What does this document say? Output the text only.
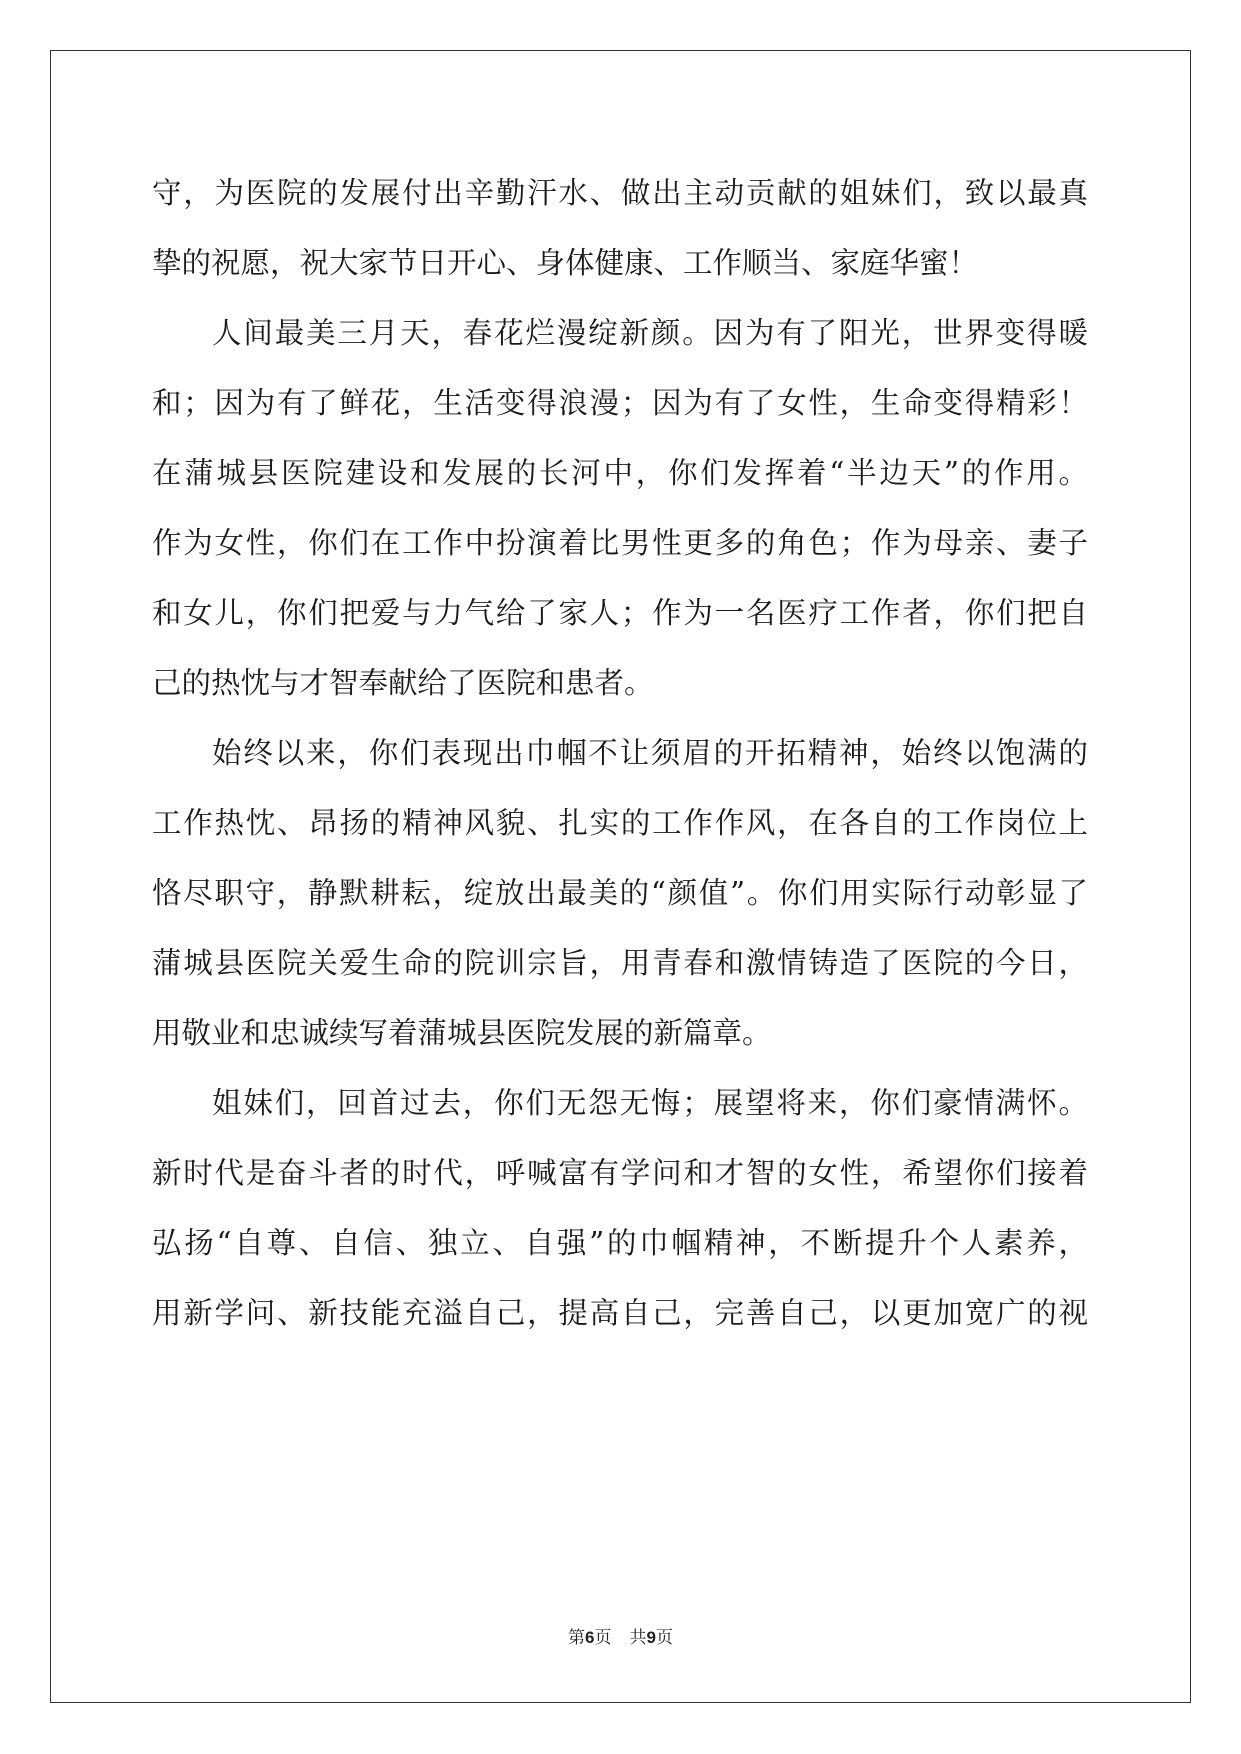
守，为医院的发展付出辛勤汗水、做出主动贡献的姐妹们，致以最真
挚的祝愿，祝大家节日开心、身体健康、工作顺当、家庭华蜜！
人间最美三月天，春花烂漫绽新颜。因为有了阳光，世界变得暖
和；因为有了鲜花，生活变得浪漫；因为有了女性，生命变得精彩！
在蒲城县医院建设和发展的长河中，你们发挥着“半边天”的作用。
作为女性，你们在工作中扮演着比男性更多的角色；作为母亲、妻子
和女儿，你们把爱与力气给了家人；作为一名医疗工作者，你们把自
己的热忱与才智奉献给了医院和患者。
始终以来，你们表现出巾帼不让须眉的开拓精神，始终以饱满的
工作热忱、昂扬的精神风貌、扎实的工作作风，在各自的工作岗位上
恪尽职守，静默耕耘，绽放出最美的“颜值”。你们用实际行动彰显了
蒲城县医院关爱生命的院训宗旨，用青春和激情铸造了医院的今日，
用敬业和忠诚续写着蒲城县医院发展的新篇章。
姐妹们，回首过去，你们无怨无悔；展望将来，你们豪情满怀。
新时代是奋斗者的时代，呼喊富有学问和才智的女性，希望你们接着
弘扬“自尊、自信、独立、自强”的巾帼精神，不断提升个人素养，
用新学问、新技能充溢自己，提高自己，完善自己，以更加宽广的视
第6页 共9页
